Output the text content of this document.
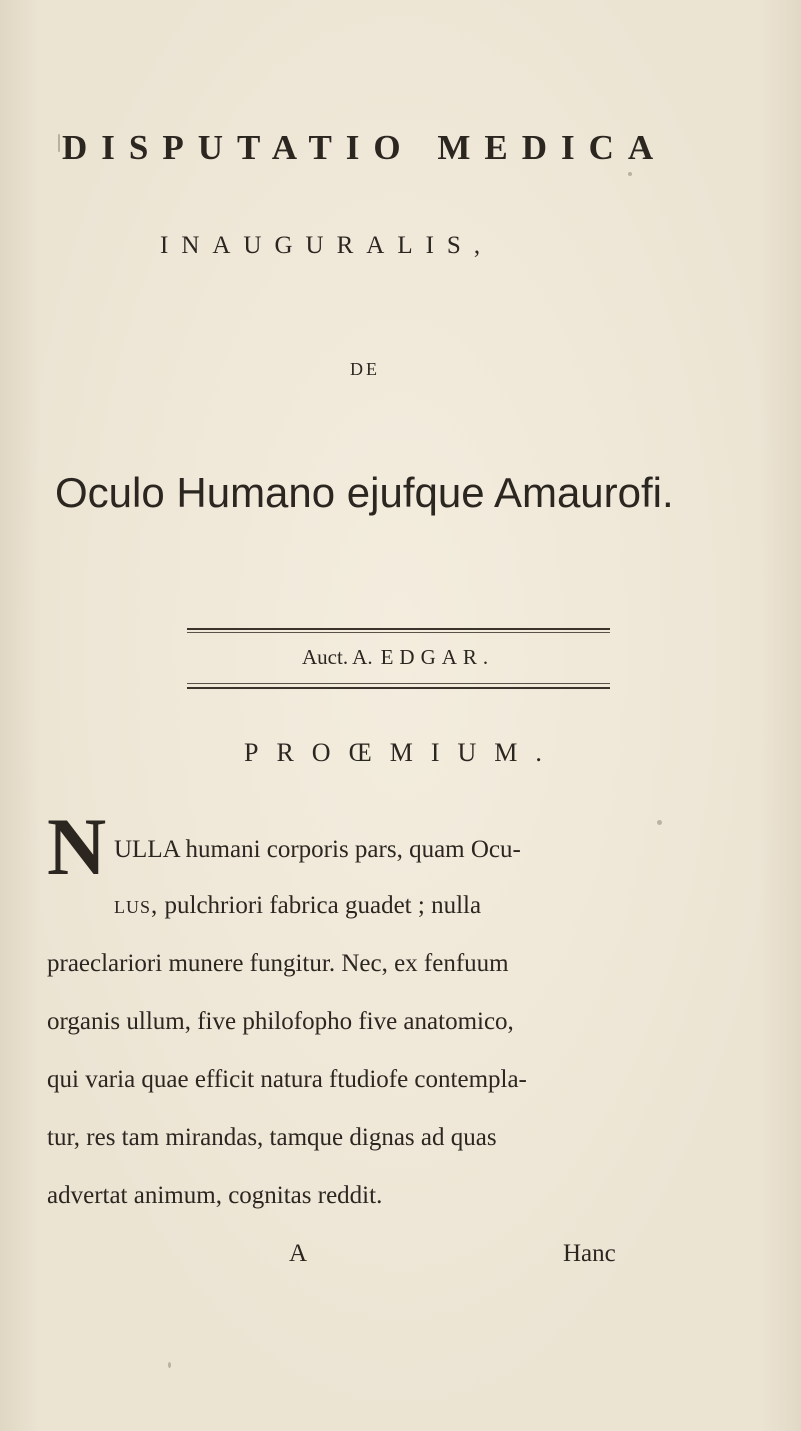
DISPUTATIO MEDICA
INAUGURALIS,
DE
Oculo Humano ejufque Amaurofi.
Auct. A. EDGAR.
PROŒMIUM.
N ULLA humani corporis pars, quam Ocu-
lus, pulchriori fabrica guadet ; nulla
praeclariori munere fungitur. Nec, ex fenfuum
organis ullum, five philofopho five anatomico,
qui varia quae efficit natura ftudiofe contempla-
tur, res tam mirandas, tamque dignas ad quas
advertat animum, cognitas reddit.
A	Hanc
